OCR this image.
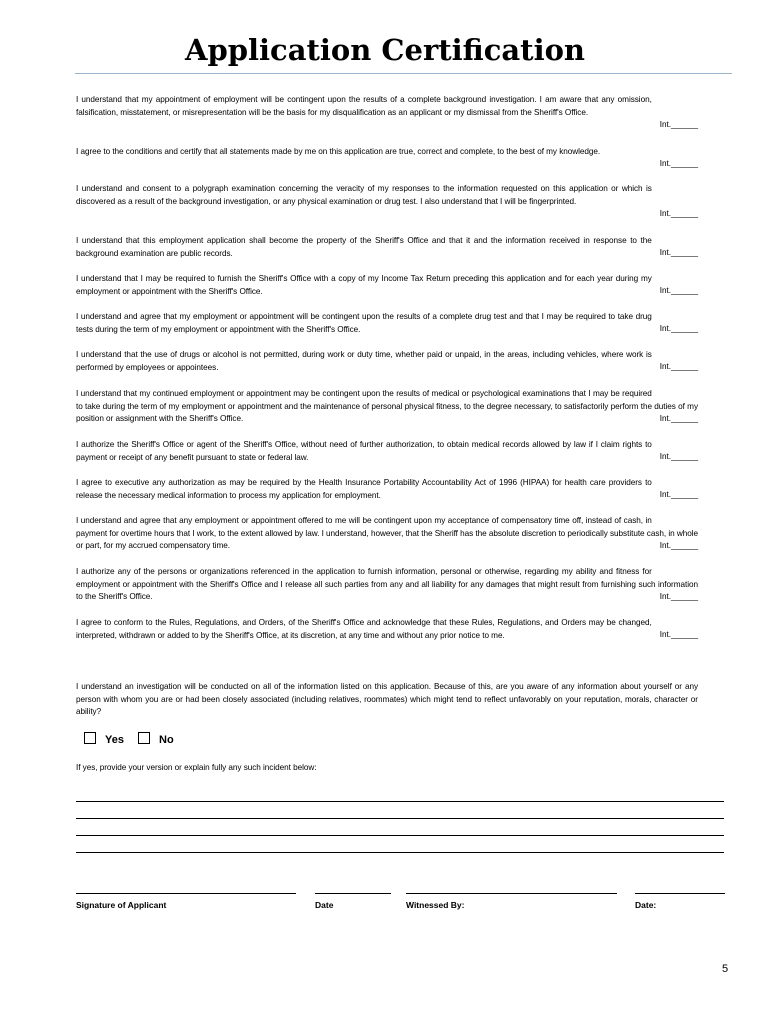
Application Certification
Int.______
I understand that my appointment of employment will be contingent upon the results of a complete background investigation. I am aware that any omission, falsification, misstatement, or misrepresentation will be the basis for my disqualification as an applicant or my dismissal from the Sheriff's Office.
Int.______
I agree to the conditions and certify that all statements made by me on this application are true, correct and complete, to the best of my knowledge.
Int.______
I understand and consent to a polygraph examination concerning the veracity of my responses to the information requested on this application or which is discovered as a result of the background investigation, or any physical examination or drug test. I also understand that I will be fingerprinted.
Int.______
I understand that this employment application shall become the property of the Sheriff's Office and that it and the information received in response to the background examination are public records.
Int.______
I understand that I may be required to furnish the Sheriff's Office with a copy of my Income Tax Return preceding this application and for each year during my employment or appointment with the Sheriff's Office.
Int.______
I understand and agree that my employment or appointment will be contingent upon the results of a complete drug test and that I may be required to take drug tests during the term of my employment or appointment with the Sheriff's Office.
Int.______
I understand that the use of drugs or alcohol is not permitted, during work or duty time, whether paid or unpaid, in the areas, including vehicles, where work is performed by employees or appointees.
Int.______
I understand that my continued employment or appointment may be contingent upon the results of medical or psychological examinations that I may be required to take during the term of my employment or appointment and the maintenance of personal physical fitness, to the degree necessary, to satisfactorily perform the duties of my position or assignment with the Sheriff's Office.
Int.______
I authorize the Sheriff's Office or agent of the Sheriff's Office, without need of further authorization, to obtain medical records allowed by law if I claim rights to payment or receipt of any benefit pursuant to state or federal law.
Int.______
I agree to executive any authorization as may be required by the Health Insurance Portability Accountability Act of 1996 (HIPAA) for health care providers to release the necessary medical information to process my application for employment.
Int.______
I understand and agree that any employment or appointment offered to me will be contingent upon my acceptance of compensatory time off, instead of cash, in payment for overtime hours that I work, to the extent allowed by law. I understand, however, that the Sheriff has the absolute discretion to periodically substitute cash, in whole or part, for my accrued compensatory time.
Int.______
I authorize any of the persons or organizations referenced in the application to furnish information, personal or otherwise, regarding my ability and fitness for employment or appointment with the Sheriff's Office and I release all such parties from any and all liability for any damages that might result from furnishing such information to the Sheriff's Office.
Int.______
I agree to conform to the Rules, Regulations, and Orders, of the Sheriff's Office and acknowledge that these Rules, Regulations, and Orders may be changed, interpreted, withdrawn or added to by the Sheriff's Office, at its discretion, at any time and without any prior notice to me.
I understand an investigation will be conducted on all of the information listed on this application. Because of this, are you aware of any information about yourself or any person with whom you are or had been closely associated (including relatives, roommates) which might tend to reflect unfavorably on your reputation, morals, character or ability?
Yes	No
If yes, provide your version or explain fully any such incident below:
Signature of Applicant	Date	Witnessed By:	Date:
5
